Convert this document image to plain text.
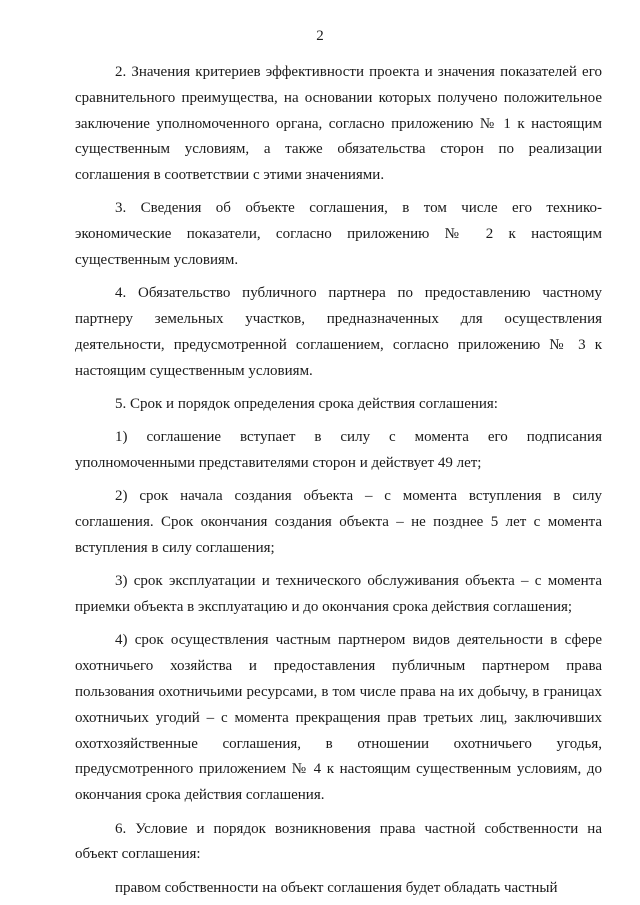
2

2. Значения критериев эффективности проекта и значения показателей его сравнительного преимущества, на основании которых получено положительное заключение уполномоченного органа, согласно приложению № 1 к настоящим существенным условиям, а также обязательства сторон по реализации соглашения в соответствии с этими значениями.

3. Сведения об объекте соглашения, в том числе его технико-экономические показатели, согласно приложению № 2 к настоящим существенным условиям.

4. Обязательство публичного партнера по предоставлению частному партнеру земельных участков, предназначенных для осуществления деятельности, предусмотренной соглашением, согласно приложению № 3 к настоящим существенным условиям.

5. Срок и порядок определения срока действия соглашения:

1) соглашение вступает в силу с момента его подписания уполномоченными представителями сторон и действует 49 лет;

2) срок начала создания объекта – с момента вступления в силу соглашения. Срок окончания создания объекта – не позднее 5 лет с момента вступления в силу соглашения;

3) срок эксплуатации и технического обслуживания объекта – с момента приемки объекта в эксплуатацию и до окончания срока действия соглашения;

4) срок осуществления частным партнером видов деятельности в сфере охотничьего хозяйства и предоставления публичным партнером права пользования охотничьими ресурсами, в том числе права на их добычу, в границах охотничьих угодий – с момента прекращения прав третьих лиц, заключивших охотхозяйственные соглашения, в отношении охотничьего угодья, предусмотренного приложением № 4 к настоящим существенным условиям, до окончания срока действия соглашения.

6. Условие и порядок возникновения права частной собственности на объект соглашения:

правом собственности на объект соглашения будет обладать частный
